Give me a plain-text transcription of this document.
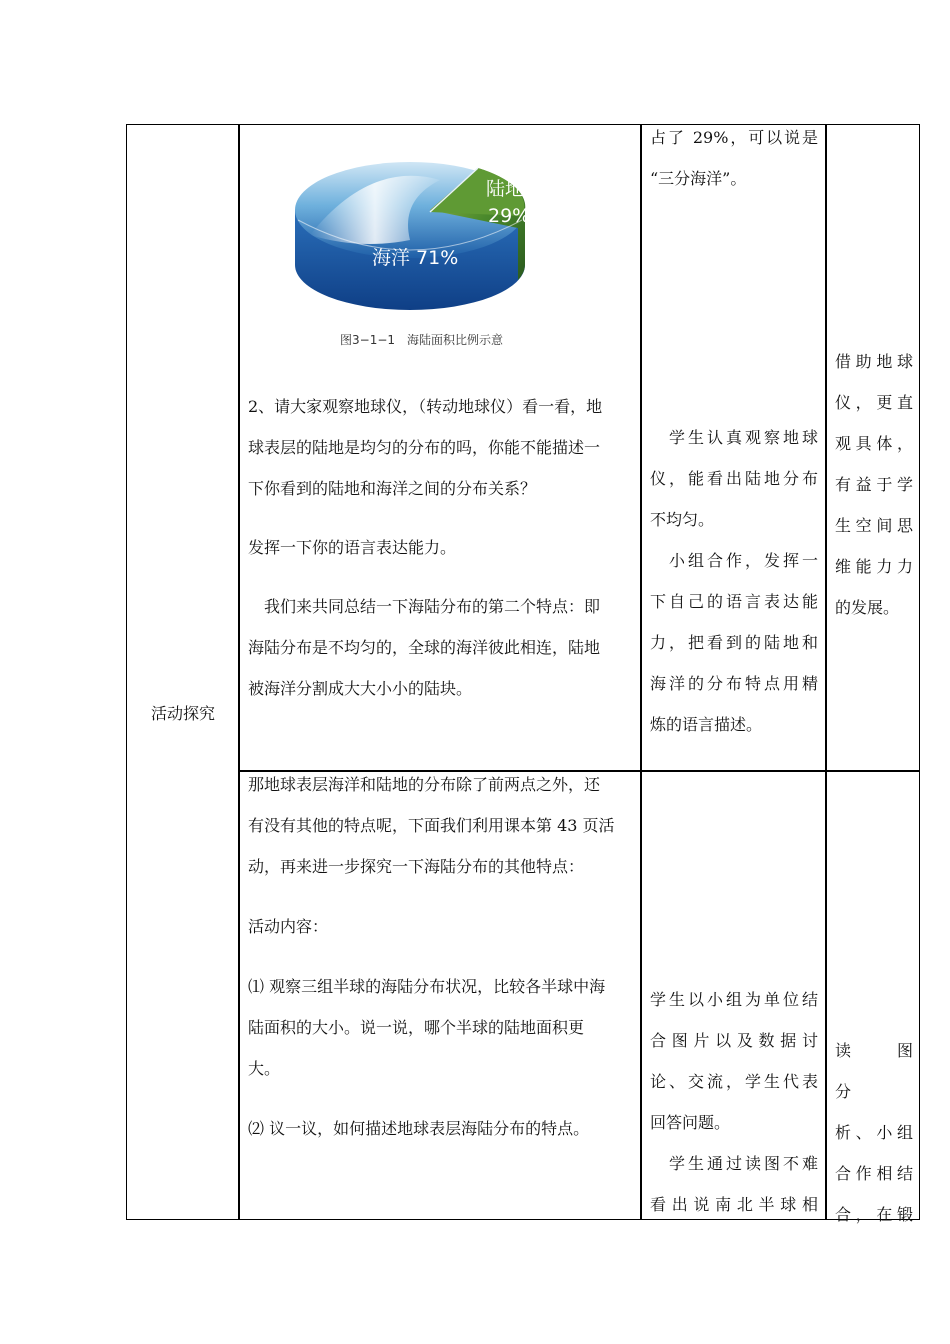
活动探究
陆地
29%
海洋 71%
图3−1−1　海陆面积比例示意

2、请大家观察地球仪，（转动地球仪）看一看，地

球表层的陆地是均匀的分布的吗，你能不能描述一

下你看到的陆地和海洋之间的分布关系？

发挥一下你的语言表达能力。

　我们来共同总结一下海陆分布的第二个特点：即

海陆分布是不均匀的，全球的海洋彼此相连，陆地

被海洋分割成大大小小的陆块。

占了 29%，可以说是

“三分海洋”。

　学生认真观察地球

仪，能看出陆地分布

不均匀。

　小组合作，发挥一

下自己的语言表达能

力，把看到的陆地和

海洋的分布特点用精

炼的语言描述。

借助地球

仪，更直

观具体，

有益于学

生空间思

维能力力

的发展。

那地球表层海洋和陆地的分布除了前两点之外，还

有没有其他的特点呢，下面我们利用课本第 43 页活

动，再来进一步探究一下海陆分布的其他特点：

活动内容：

⑴ 观察三组半球的海陆分布状况，比较各半球中海

陆面积的大小。说一说，哪个半球的陆地面积更

大。

⑵ 议一议，如何描述地球表层海陆分布的特点。

学生以小组为单位结

合图片以及数据讨

论、交流，学生代表

回答问题。

　学生通过读图不难

看出说南北半球相

读　图　分

析、小组

合作相结

合，在锻
